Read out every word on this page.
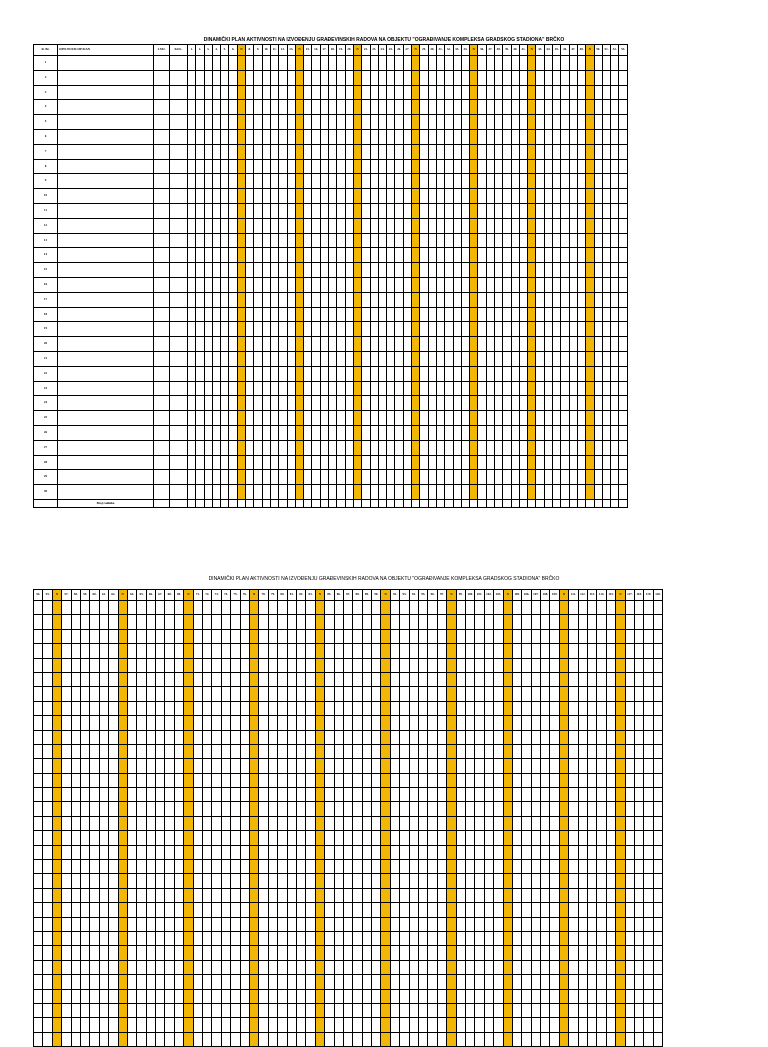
DINAMIČKI PLAN AKTIVNOSTI NA IZVOĐENJU GRAĐEVINSKIH RADOVA NA OBJEKTU "OGRAĐIVANJE KOMPLEKSA GRADSKOG STADIONA" BRČKO
R. Br.	OPIS POZICIJE/DAN	J.MJ.	KOL.	1.	2.	3.	4.	5.	6.	N	8.	9.	10.	11.	12.	13.	N	15.	16.	17.	18.	19.	20.	N	22.	23.	24.	25.	26.	27.	N	29.	30.	31.	32.	33.	34.	N	36.	37.	38.	39.	40.	41.	N	43.	44.	45.	46.	47.	48.	N	50.	51.	52.	53.
1																																																								
2																																																								
3																																																								
4																																																								
5																																																								
6																																																								
7																																																								
8																																																								
9																																																								
10																																																								
11																																																								
12																																																								
13																																																								
14																																																								
15																																																								
16																																																								
17																																																								
18																																																								
19																																																								
20																																																								
21																																																								
22																																																								
23																																																								
24																																																								
25																																																								
26																																																								
27																																																								
28																																																								
29																																																								
30																																																								
	Broj radnika																																																							
DINAMIČKI PLAN AKTIVNOSTI NA IZVOĐENJU GRAĐEVINSKIH RADOVA NA OBJEKTU "OGRAĐIVANJE KOMPLEKSA GRADSKOG STADIONA" BRČKO
54.	55.	N	57.	58.	59.	60.	61.	62.	N	64.	65.	66.	67.	68.	69.	N	71.	72.	73.	74.	75.	76.	N	78.	79.	80.	81.	82.	83.	N	85.	86.	87.	88.	89.	90.	N	92.	93.	94.	95.	96.	97.	N	99.	100.	101.	102.	103.	N	105.	106.	107.	108.	109.	N	111.	112.	113.	114.	115.	N	117.	118.	119.	120.
